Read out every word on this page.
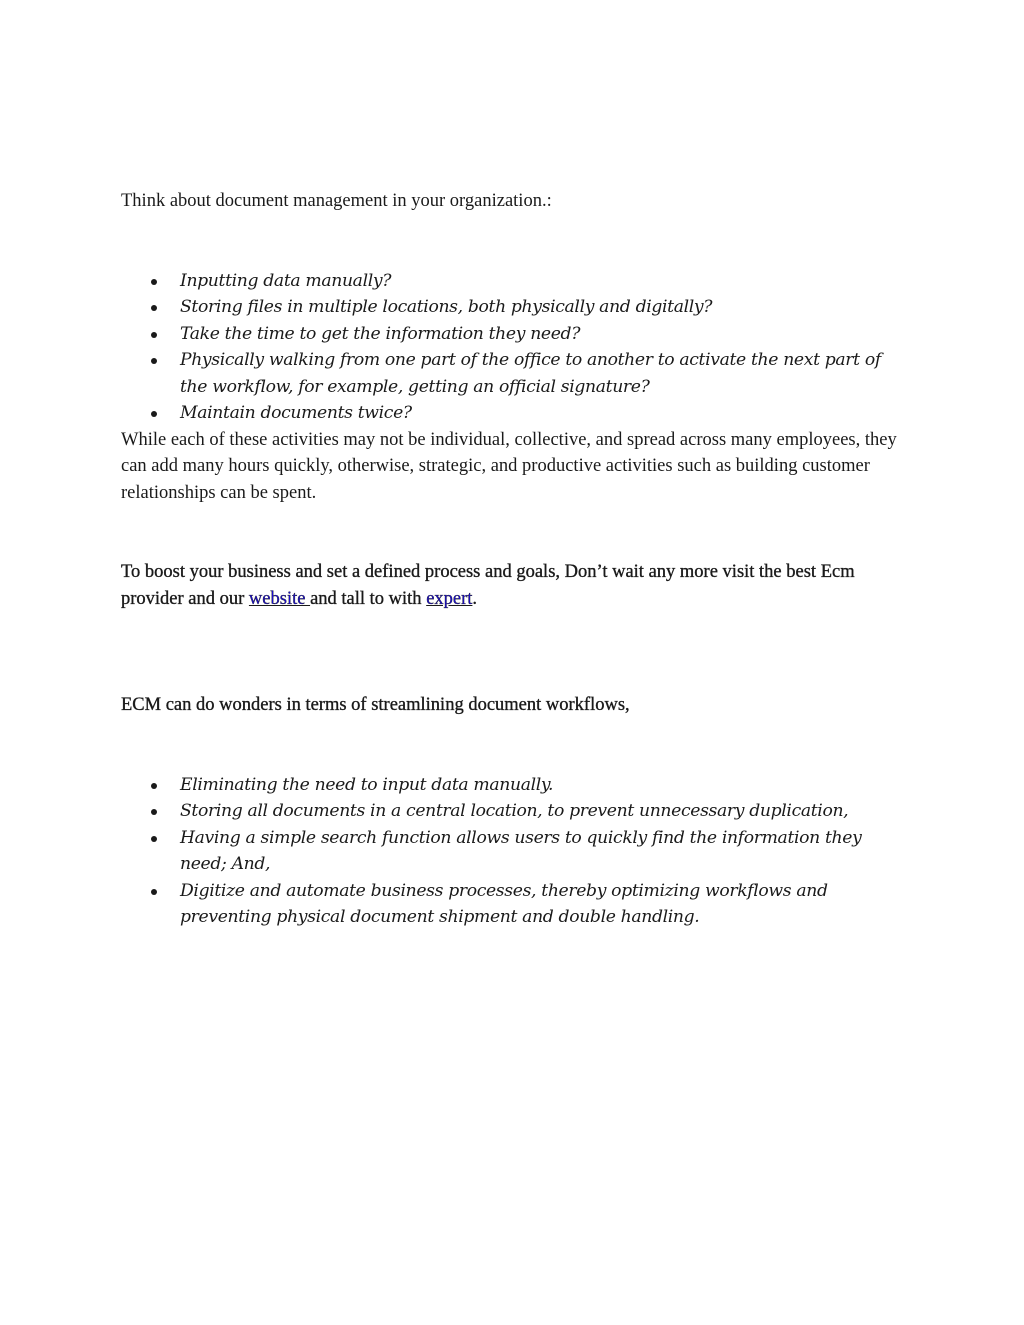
Think about document management in your organization.:

Inputting data manually?
Storing files in multiple locations, both physically and digitally?
Take the time to get the information they need?
Physically walking from one part of the office to another to activate the next part of the workflow, for example, getting an official signature?
Maintain documents twice?

While each of these activities may not be individual, collective, and spread across many employees, they can add many hours quickly, otherwise, strategic, and productive activities such as building customer relationships can be spent.

To boost your business and set a defined process and goals, Don’t wait any more visit the best Ecm provider and our website and tall to with expert.

ECM can do wonders in terms of streamlining document workflows,

Eliminating the need to input data manually.
Storing all documents in a central location, to prevent unnecessary duplication,
Having a simple search function allows users to quickly find the information they need; And,
Digitize and automate business processes, thereby optimizing workflows and preventing physical document shipment and double handling.
